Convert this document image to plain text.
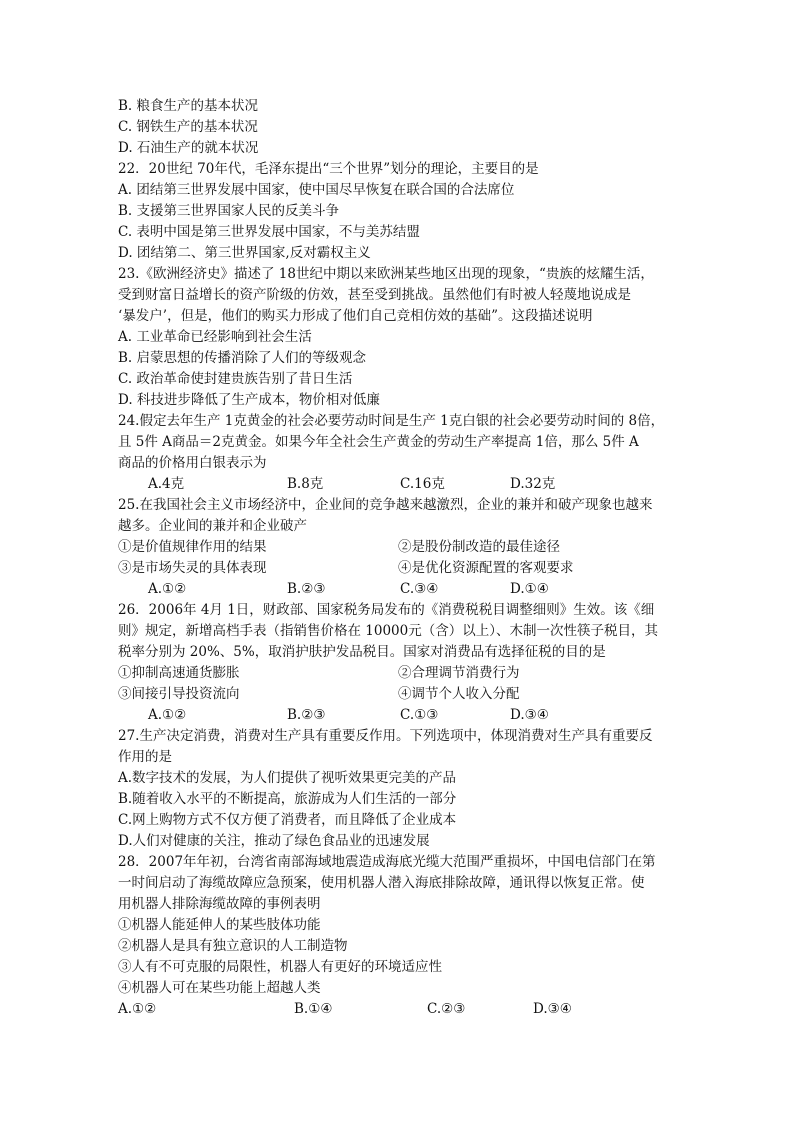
B. 粮食生产的基本状况
C. 钢铁生产的基本状况
D. 石油生产的就本状况
22．20世纪 70年代，毛泽东提出“三个世界”划分的理论，主要目的是
A. 团结第三世界发展中国家，使中国尽早恢复在联合国的合法席位
B. 支援第三世界国家人民的反美斗争
C. 表明中国是第三世界发展中国家，不与美苏结盟
D. 团结第二、第三世界国家,反对霸权主义
23.《欧洲经济史》描述了 18世纪中期以来欧洲某些地区出现的现象，“贵族的炫耀生活，
受到财富日益增长的资产阶级的仿效，甚至受到挑战。虽然他们有时被人轻蔑地说成是
‘暴发户’，但是，他们的购买力形成了他们自己竞相仿效的基础”。这段描述说明
A. 工业革命已经影响到社会生活
B. 启蒙思想的传播消除了人们的等级观念
C. 政治革命使封建贵族告别了昔日生活
D. 科技进步降低了生产成本，物价相对低廉
24.假定去年生产 1克黄金的社会必要劳动时间是生产 1克白银的社会必要劳动时间的 8倍，
且 5件 A商品＝2克黄金。如果今年全社会生产黄金的劳动生产率提高 1倍，那么 5件 A
商品的价格用白银表示为
A.4克	B.8克	C.16克	D.32克
25.在我国社会主义市场经济中，企业间的竞争越来越激烈，企业的兼并和破产现象也越来
越多。企业间的兼并和企业破产
①是价值规律作用的结果	②是股份制改造的最佳途径
③是市场失灵的具体表现	④是优化资源配置的客观要求
A.①②	B.②③	C.③④	D.①④
26．2006年 4月 1日，财政部、国家税务局发布的《消费税税目调整细则》生效。该《细
则》规定，新增高档手表（指销售价格在 10000元（含）以上）、木制一次性筷子税目，其
税率分别为 20%、5%，取消护肤护发品税目。国家对消费品有选择征税的目的是
①抑制高速通货膨胀	②合理调节消费行为
③间接引导投资流向	④调节个人收入分配
A.①②	B.②③	C.①③	D.③④
27.生产决定消费，消费对生产具有重要反作用。下列选项中，体现消费对生产具有重要反
作用的是
A.数字技术的发展，为人们提供了视听效果更完美的产品
B.随着收入水平的不断提高，旅游成为人们生活的一部分
C.网上购物方式不仅方便了消费者，而且降低了企业成本
D.人们对健康的关注，推动了绿色食品业的迅速发展
28．2007年年初，台湾省南部海域地震造成海底光缆大范围严重损坏，中国电信部门在第
一时间启动了海缆故障应急预案，使用机器人潜入海底排除故障，通讯得以恢复正常。使
用机器人排除海缆故障的事例表明
①机器人能延伸人的某些肢体功能
②机器人是具有独立意识的人工制造物
③人有不可克服的局限性，机器人有更好的环境适应性
④机器人可在某些功能上超越人类
A.①②	B.①④	C.②③	D.③④
